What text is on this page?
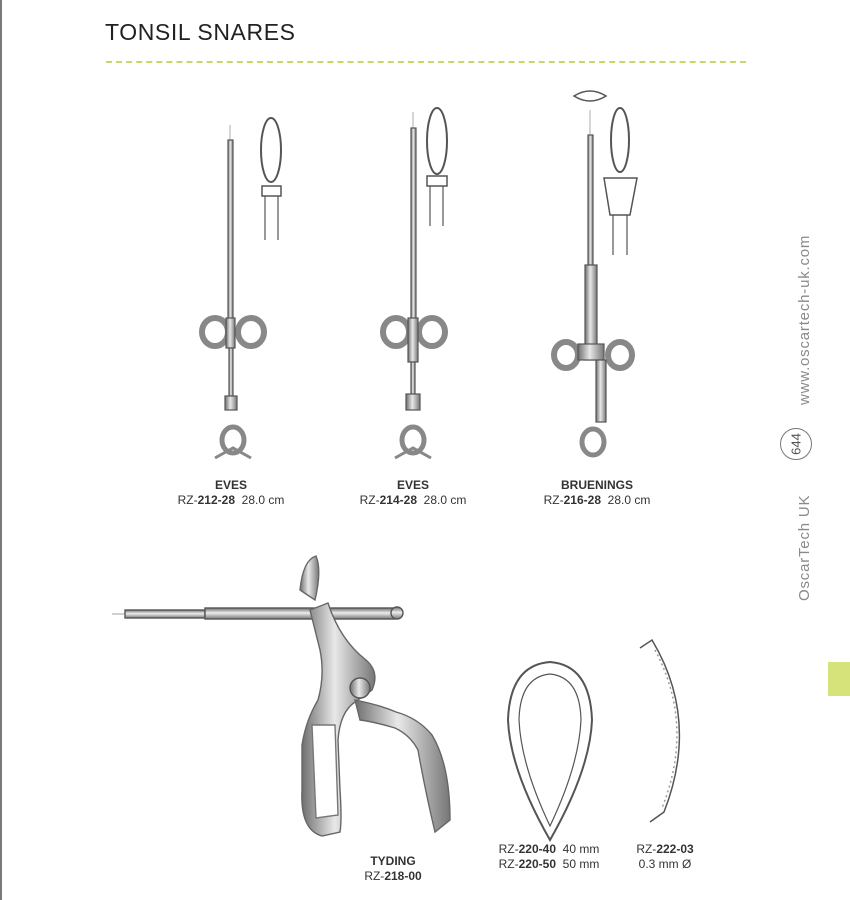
TONSIL SNARES
EVES
RZ-212-28 28.0 cm
EVES
RZ-214-28 28.0 cm
BRUENINGS
RZ-216-28 28.0 cm
TYDING
RZ-218-00
RZ-220-40 40 mm
RZ-220-50 50 mm
RZ-222-03
0.3 mm Ø
www.oscartech-uk.com
644
OscarTech UK
